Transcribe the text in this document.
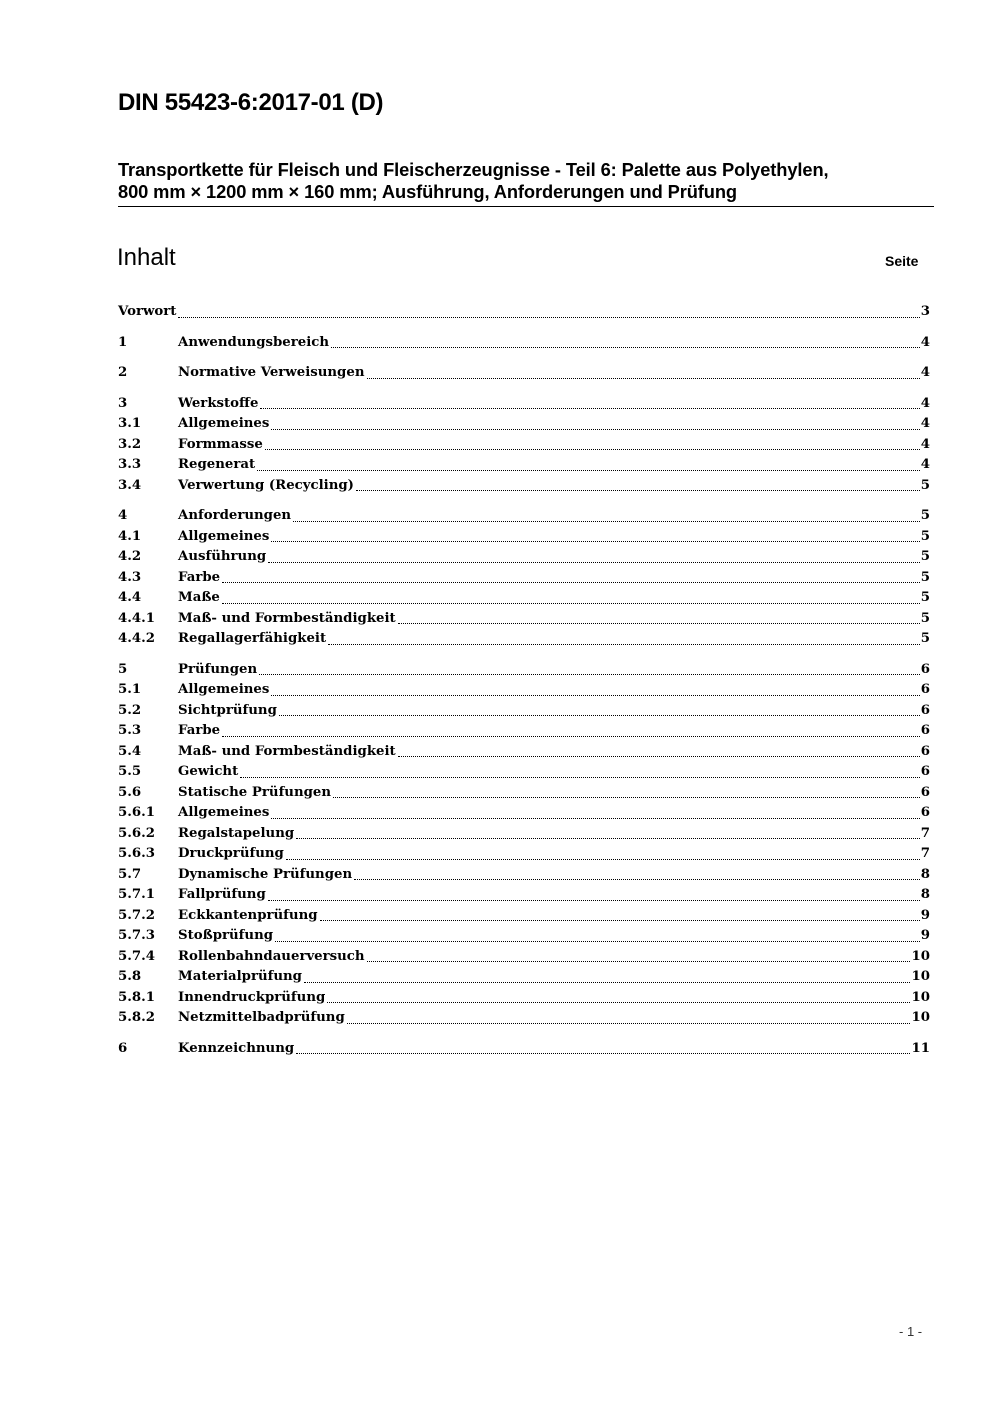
DIN 55423-6:2017-01 (D)
Transportkette für Fleisch und Fleischerzeugnisse - Teil 6: Palette aus Polyethylen,
800 mm × 1200 mm × 160 mm; Ausführung, Anforderungen und Prüfung
Inhalt	Seite
Vorwort	3
1	Anwendungsbereich	4
2	Normative Verweisungen	4
3	Werkstoffe	4
3.1	Allgemeines	4
3.2	Formmasse	4
3.3	Regenerat	4
3.4	Verwertung (Recycling)	5
4	Anforderungen	5
4.1	Allgemeines	5
4.2	Ausführung	5
4.3	Farbe	5
4.4	Maße	5
4.4.1 Maß- und Formbeständigkeit	5
4.4.2 Regallagerfähigkeit	5
5	Prüfungen	6
5.1	Allgemeines	6
5.2	Sichtprüfung	6
5.3	Farbe	6
5.4	Maß- und Formbeständigkeit	6
5.5	Gewicht	6
5.6	Statische Prüfungen	6
5.6.1 Allgemeines	6
5.6.2 Regalstapelung	7
5.6.3 Druckprüfung	7
5.7	Dynamische Prüfungen	8
5.7.1 Fallprüfung	8
5.7.2 Eckkantenprüfung	9
5.7.3 Stoßprüfung	9
5.7.4 Rollenbahndauerversuch	10
5.8	Materialprüfung	10
5.8.1 Innendruckprüfung	10
5.8.2 Netzmittelbadprüfung	10
6	Kennzeichnung	11
- 1 -
